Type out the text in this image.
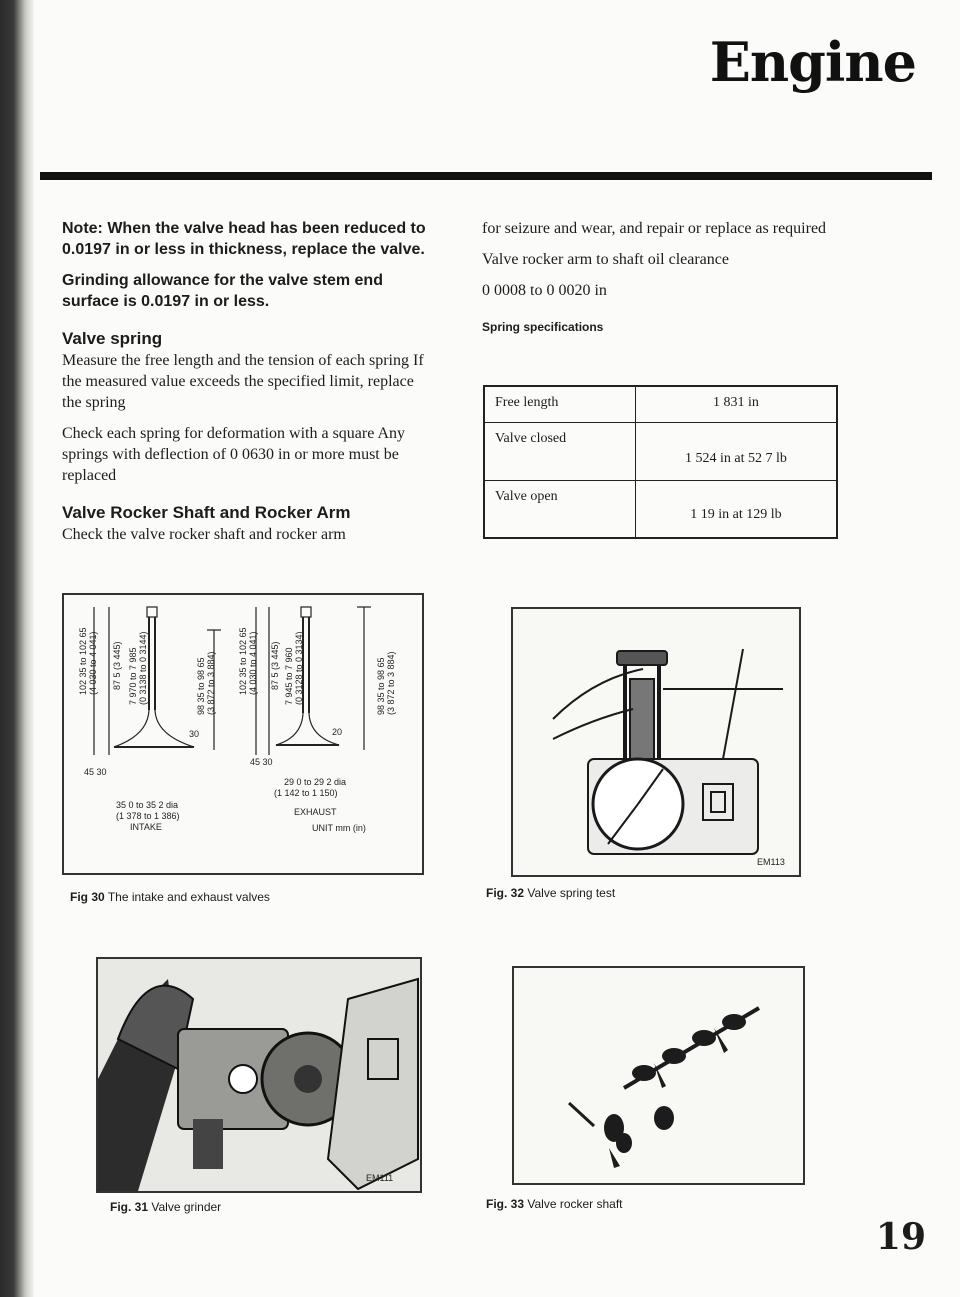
Engine

Note: When the valve head has been reduced to 0.0197 in or less in thickness, replace the valve.

Grinding allowance for the valve stem end surface is 0.0197 in or less.

Valve spring

Measure the free length and the tension of each spring If the measured value exceeds the specified limit, replace the spring

Check each spring for deformation with a square Any springs with deflection of 0 0630 in or more must be replaced

Valve Rocker Shaft and Rocker Arm

Check the valve rocker shaft and rocker arm

for seizure and wear, and repair or replace as required

Valve rocker arm to shaft oil clearance

0 0008 to 0 0020 in

Spring specifications
Free length	1 831 in
Valve closed	1 524 in at 52 7 lb
Valve open	1 19 in at 129 lb
102 35 to 102 65 (4 030 to 4 041) 87 5 (3 445) 7 970 to 7 985 (0 3138 to 0 3144)	98 35 to 98 65 (3 872 to 3 884)
45 30
30
35 0 to 35 2 dia
(1 378 to 1 386)
INTAKE
102 35 to 102 65 (4 030 to 4 041) 87 5 (3 445) 7 945 to 7 960 (0 3128 to 0 3134)	98 35 to 98 65 (3 872 to 3 884)
45 30
20
29 0 to 29 2 dia
(1 142 to 1 150)
EXHAUST
UNIT mm (in)
Fig 30 The intake and exhaust valves
EM111
Fig. 31 Valve grinder
EM113
Fig. 32 Valve spring test
Fig. 33 Valve rocker shaft
19
